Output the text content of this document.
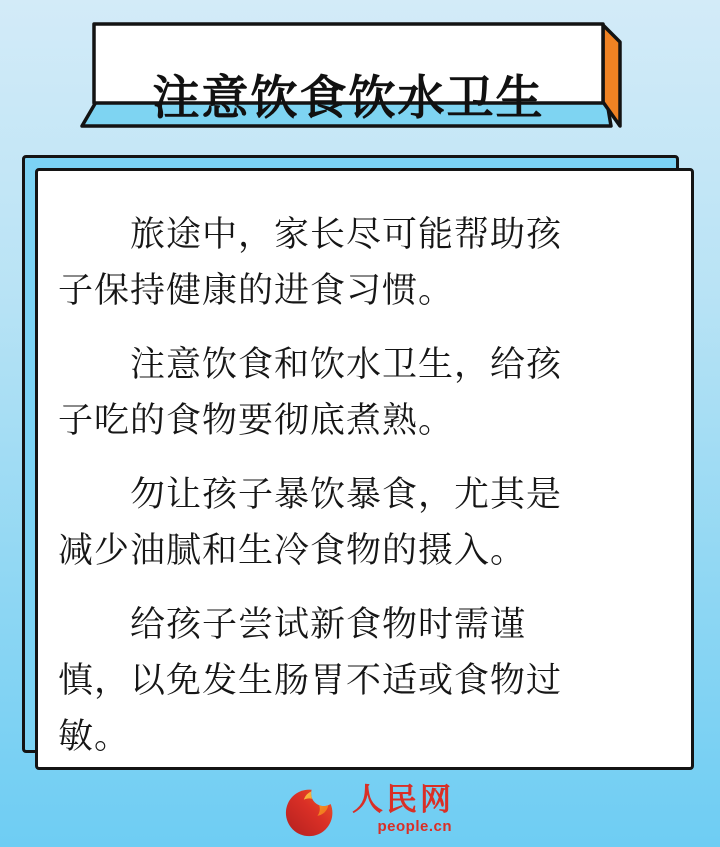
注意饮食饮水卫生

旅途中，家长尽可能帮助孩
子保持健康的进食习惯。

注意饮食和饮水卫生，给孩
子吃的食物要彻底煮熟。

勿让孩子暴饮暴食，尤其是
减少油腻和生冷食物的摄入。

给孩子尝试新食物时需谨
慎，以免发生肠胃不适或食物过
敏。

人民网
people.cn
